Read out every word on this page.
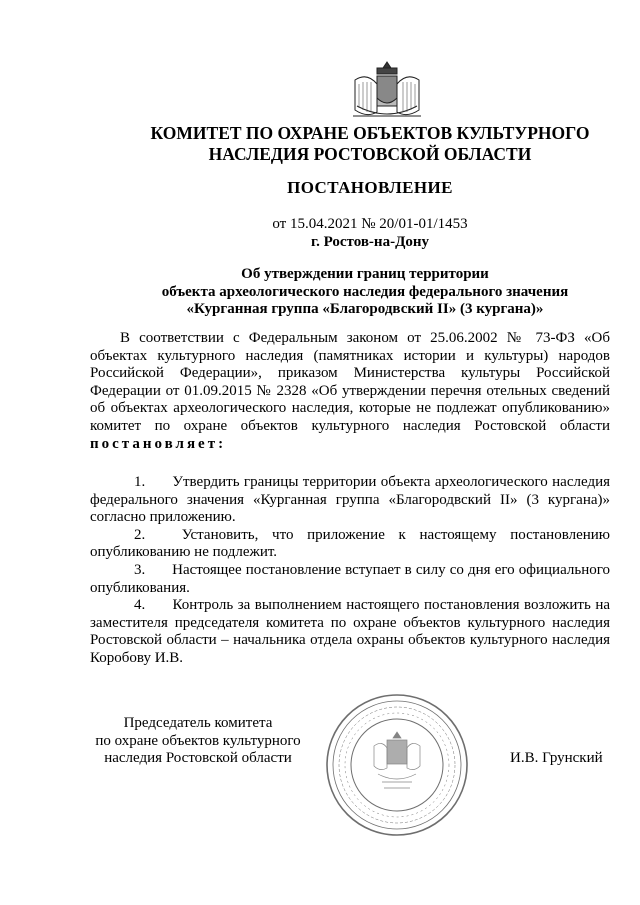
КОМИТЕТ ПО ОХРАНЕ ОБЪЕКТОВ КУЛЬТУРНОГО
НАСЛЕДИЯ РОСТОВСКОЙ ОБЛАСТИ
ПОСТАНОВЛЕНИЕ
от 15.04.2021 № 20/01-01/1453
г. Ростов-на-Дону
Об утверждении границ территории
объекта археологического наследия федерального значения
«Курганная группа «Благородвский II» (3 кургана)»
В соответствии с Федеральным законом от 25.06.2002 № 73-ФЗ «Об объектах культурного наследия (памятниках истории и культуры) народов Российской Федерации», приказом Министерства культуры Российской Федерации от 01.09.2015 № 2328 «Об утверждении перечня отельных сведений об объектах археологического наследия, которые не подлежат опубликованию» комитет по охране объектов культурного наследия Ростовской области постановляет:
1. Утвердить границы территории объекта археологического наследия федерального значения «Курганная группа «Благородвский II» (3 кургана)» согласно приложению.
2. Установить, что приложение к настоящему постановлению опубликованию не подлежит.
3. Настоящее постановление вступает в силу со дня его официального опубликования.
4. Контроль за выполнением настоящего постановления возложить на заместителя председателя комитета по охране объектов культурного наследия Ростовской области – начальника отдела охраны объектов культурного наследия Коробову И.В.
Председатель комитета
по охране объектов культурного
наследия Ростовской области	И.В. Грунский
